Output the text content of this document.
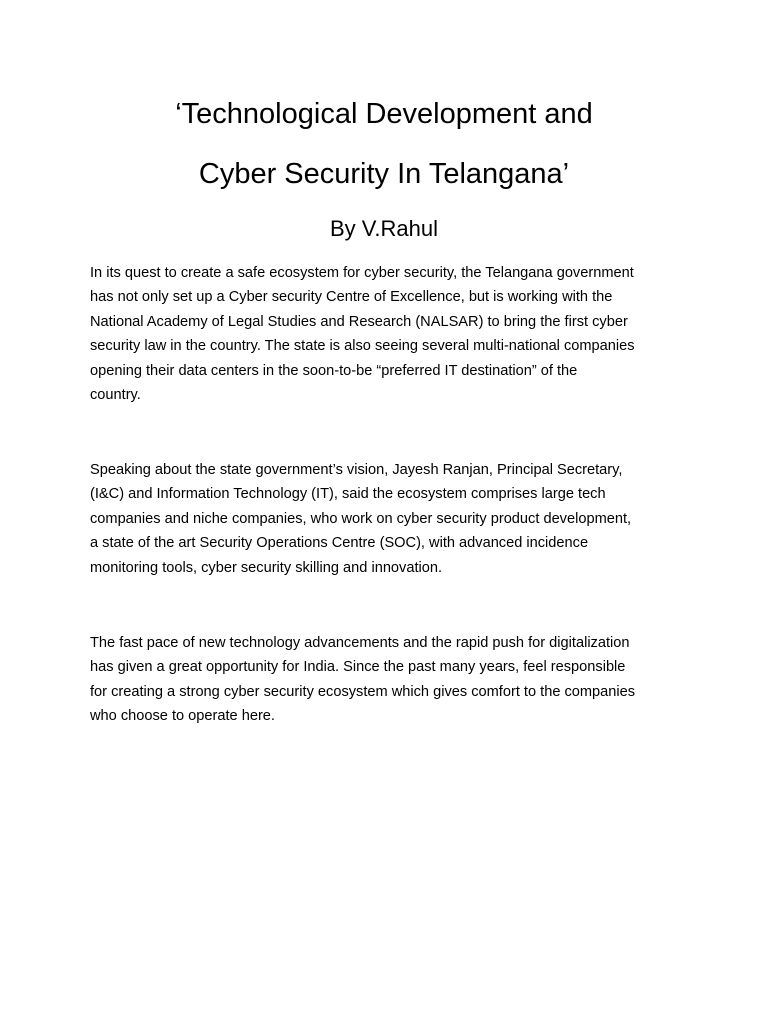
‘Technological Development and
Cyber Security In Telangana’
By V.Rahul
In its quest to create a safe ecosystem for cyber security, the Telangana government
has not only set up a Cyber security Centre of Excellence, but is working with the
National Academy of Legal Studies and Research (NALSAR) to bring the first cyber
security law in the country. The state is also seeing several multi-national companies
opening their data centers in the soon-to-be “preferred IT destination” of the
country.
Speaking about the state government’s vision, Jayesh Ranjan, Principal Secretary,
(I&C) and Information Technology (IT), said the ecosystem comprises large tech
companies and niche companies, who work on cyber security product development,
a state of the art Security Operations Centre (SOC), with advanced incidence
monitoring tools, cyber security skilling and innovation.
The fast pace of new technology advancements and the rapid push for digitalization
has given a great opportunity for India. Since the past many years, feel responsible
for creating a strong cyber security ecosystem which gives comfort to the companies
who choose to operate here.
